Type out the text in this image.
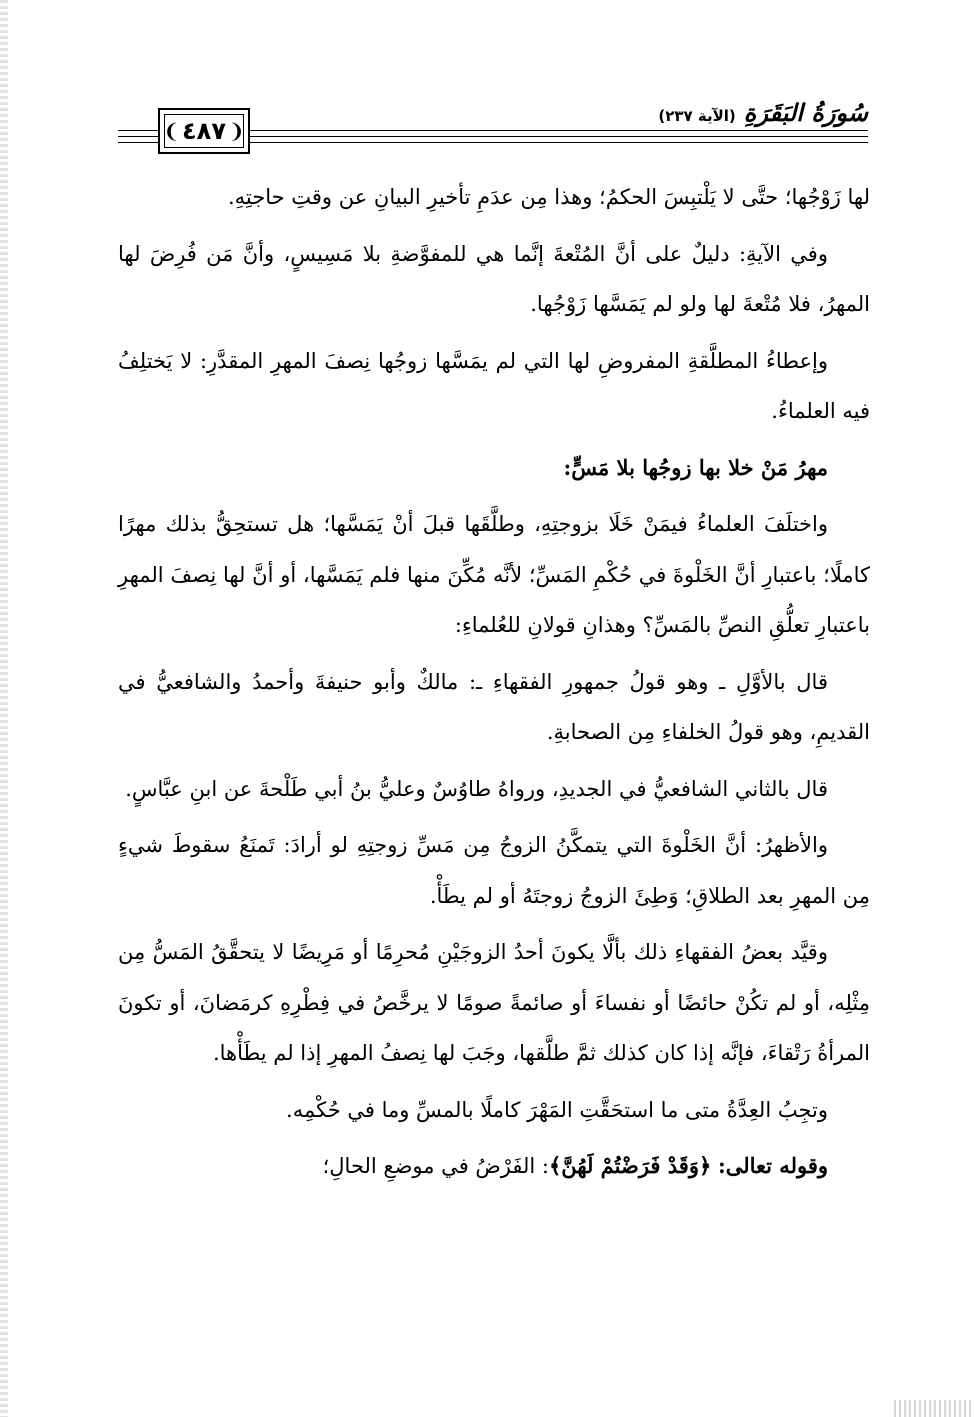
❨
٤٨٧
❩
سُورَةُ البَقَرَةِ
(الآية ٢٣٧)

لها زَوْجُها؛ حتَّى لا يَلْتبِسَ الحكمُ؛ وهذا مِن عدَمِ تأخيرِ البيانِ عن وقتِ حاجتِهِ.

وفي الآيةِ: دليلٌ على أنَّ المُتْعةَ إنَّما هي للمفوَّضةِ بلا مَسِيسٍ، وأنَّ مَن فُرِضَ لها المهرُ، فلا مُتْعةَ لها ولو لم يَمَسَّها زَوْجُها.

وإعطاءُ المطلَّقةِ المفروضِ لها التي لم يمَسَّها زوجُها نِصفَ المهرِ المقدَّرِ: لا يَختلِفُ فيه العلماءُ.

مهرُ مَنْ خلا بها زوجُها بلا مَسٍّ:

واختلَفَ العلماءُ فيمَنْ خَلَا بزوجتِهِ، وطلَّقَها قبلَ أنْ يَمَسَّها؛ هل تستحِقُّ بذلك مهرًا كاملًا؛ باعتبارِ أنَّ الخَلْوةَ في حُكْمِ المَسِّ؛ لأنَّه مُكِّنَ منها فلم يَمَسَّها، أو أنَّ لها نِصفَ المهرِ باعتبارِ تعلُّقِ النصِّ بالمَسِّ؟ وهذانِ قولانِ للعُلماءِ:

قال بالأوَّلِ ـ وهو قولُ جمهورِ الفقهاءِ ـ: مالكٌ وأبو حنيفةَ وأحمدُ والشافعيُّ في القديمِ، وهو قولُ الخلفاءِ مِن الصحابةِ.

قال بالثاني الشافعيُّ في الجديدِ، ورواهُ طاوُسٌ وعليُّ بنُ أبي طَلْحةَ عن ابنِ عبَّاسٍ.

والأظهرُ: أنَّ الخَلْوةَ التي يتمكَّنُ الزوجُ مِن مَسِّ زوجتِهِ لو أرادَ: تَمنَعُ سقوطَ شيءٍ مِن المهرِ بعد الطلاقِ؛ وَطِئَ الزوجُ زوجتَهُ أو لم يطَأْ.

وقيَّد بعضُ الفقهاءِ ذلك بألَّا يكونَ أحدُ الزوجَيْنِ مُحرِمًا أو مَرِيضًا لا يتحقَّقُ المَسُّ مِن مِثْلِه، أو لم تكُنْ حائضًا أو نفساءَ أو صائمةً صومًا لا يرخَّصُ في فِطْرِهِ كرمَضانَ، أو تكونَ المرأةُ رَتْقاءَ، فإنَّه إذا كان كذلك ثمَّ طلَّقها، وجَبَ لها نِصفُ المهرِ إذا لم يطَأْها.

وتجِبُ العِدَّةُ متى ما استحَقَّتِ المَهْرَ كاملًا بالمسِّ وما في حُكْمِه.

وقوله تعالى: ﴿وَقَدْ فَرَضْتُمْ لَهُنَّ﴾: الفَرْضُ في موضعِ الحالِ؛
